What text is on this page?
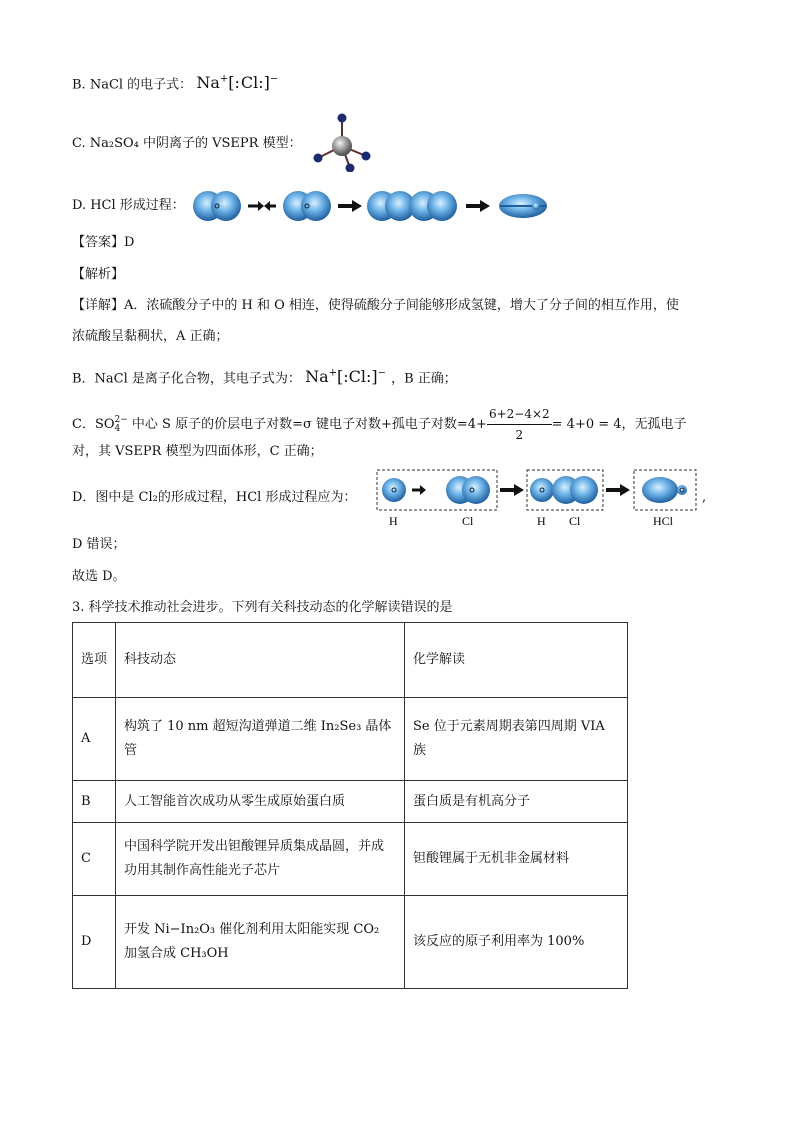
B. NaCl 的电子式： Na+[:Cl:]−
C. Na₂SO₄ 中阴离子的 VSEPR 模型：
D. HCl 形成过程：
【答案】D
【解析】
【详解】A．浓硫酸分子中的 H 和 O 相连，使得硫酸分子间能够形成氢键，增大了分子间的相互作用，使
浓硫酸呈黏稠状，A 正确；
B．NaCl 是离子化合物，其电子式为： Na+[:Cl:]− ，B 正确；
C．SO 2−
4 中心 S 原子的价层电子对数=σ 键电子对数+孤电子对数$=4+ \frac{6+2-4\times 2}{2} = 4+0 = 4$，无孤电子
对，其 VSEPR 模型为四面体形，C 正确；
D．图中是 Cl₂的形成过程，HCl 形成过程应为：
H	Cl	H Cl	HCl
,
D 错误；
故选 D。
3. 科学技术推动社会进步。下列有关科技动态的化学解读错误的是
选项	科技动态	化学解读
A	构筑了 10 nm 超短沟道弹道二维 In₂Se₃ 晶体管	Se 位于元素周期表第四周期 VIA 族
B	人工智能首次成功从零生成原始蛋白质	蛋白质是有机高分子
C	中国科学院开发出钽酸锂异质集成晶圆，并成功用其制作高性能光子芯片	钽酸锂属于无机非金属材料
D	开发 Ni−In₂O₃ 催化剂利用太阳能实现 CO₂ 加氢合成 CH₃OH	该反应的原子利用率为 100%
